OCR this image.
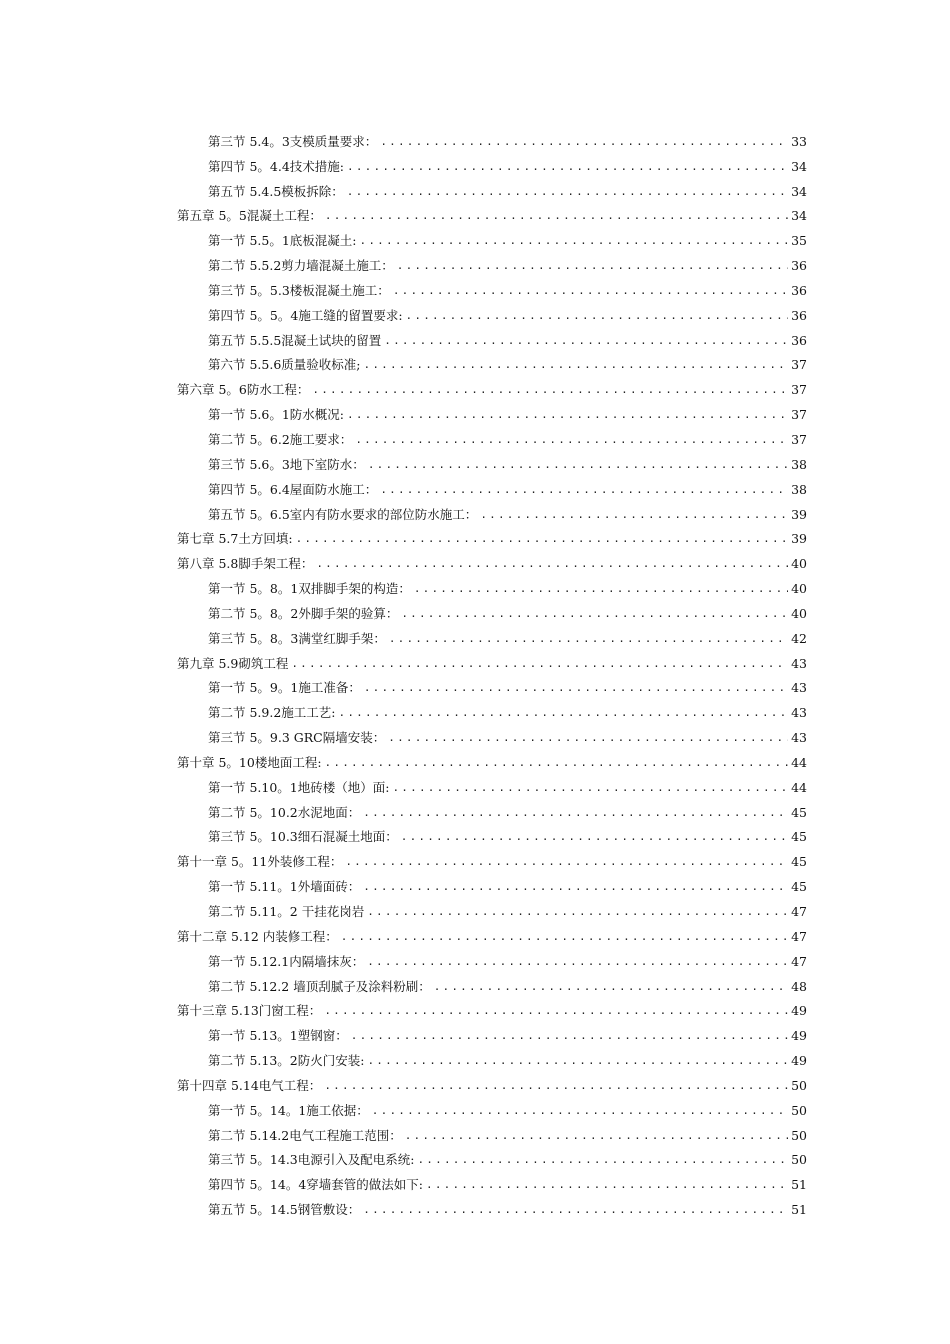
第三节 5.4。3支模质量要求： .....	33
第四节 5。4.4技术措施: .....	34
第五节 5.4.5模板拆除： .....	34
第五章 5。5混凝土工程： .....	34
第一节 5.5。1底板混凝土: .....	35
第二节 5.5.2剪力墙混凝土施工： .....	36
第三节 5。5.3楼板混凝土施工： .....	36
第四节 5。5。4施工缝的留置要求: .....	36
第五节 5.5.5混凝土试块的留置 .....	36
第六节 5.5.6质量验收标准; .....	37
第六章 5。6防水工程： .....	37
第一节 5.6。1防水概况: .....	37
第二节 5。6.2施工要求： .....	37
第三节 5.6。3地下室防水： .....	38
第四节 5。6.4屋面防水施工： .....	38
第五节 5。6.5室内有防水要求的部位防水施工： .....	39
第七章 5.7土方回填: .....	39
第八章 5.8脚手架工程： .....	40
第一节 5。8。1双排脚手架的构造： .....	40
第二节 5。8。2外脚手架的验算： .....	40
第三节 5。8。3满堂红脚手架： .....	42
第九章 5.9砌筑工程 .....	43
第一节 5。9。1施工准备： .....	43
第二节 5.9.2施工工艺: .....	43
第三节 5。9.3 GRC隔墙安装： .....	43
第十章 5。10楼地面工程: .....	44
第一节 5.10。1地砖楼（地）面: .....	44
第二节 5。10.2水泥地面： .....	45
第三节 5。10.3细石混凝土地面： .....	45
第十一章 5。11外装修工程： .....	45
第一节 5.11。1外墙面砖： .....	45
第二节 5.11。2 干挂花岗岩 .....	47
第十二章 5.12 内装修工程： .....	47
第一节 5.12.1内隔墙抹灰： .....	47
第二节 5.12.2 墙顶刮腻子及涂料粉刷： .....	48
第十三章 5.13门窗工程： .....	49
第一节 5.13。1塑钢窗： .....	49
第二节 5.13。2防火门安装: .....	49
第十四章 5.14电气工程： .....	50
第一节 5。14。1施工依据： .....	50
第二节 5.14.2电气工程施工范围： .....	50
第三节 5。14.3电源引入及配电系统: .....	50
第四节 5。14。4穿墙套管的做法如下: .....	51
第五节 5。14.5钢管敷设： .....	51
